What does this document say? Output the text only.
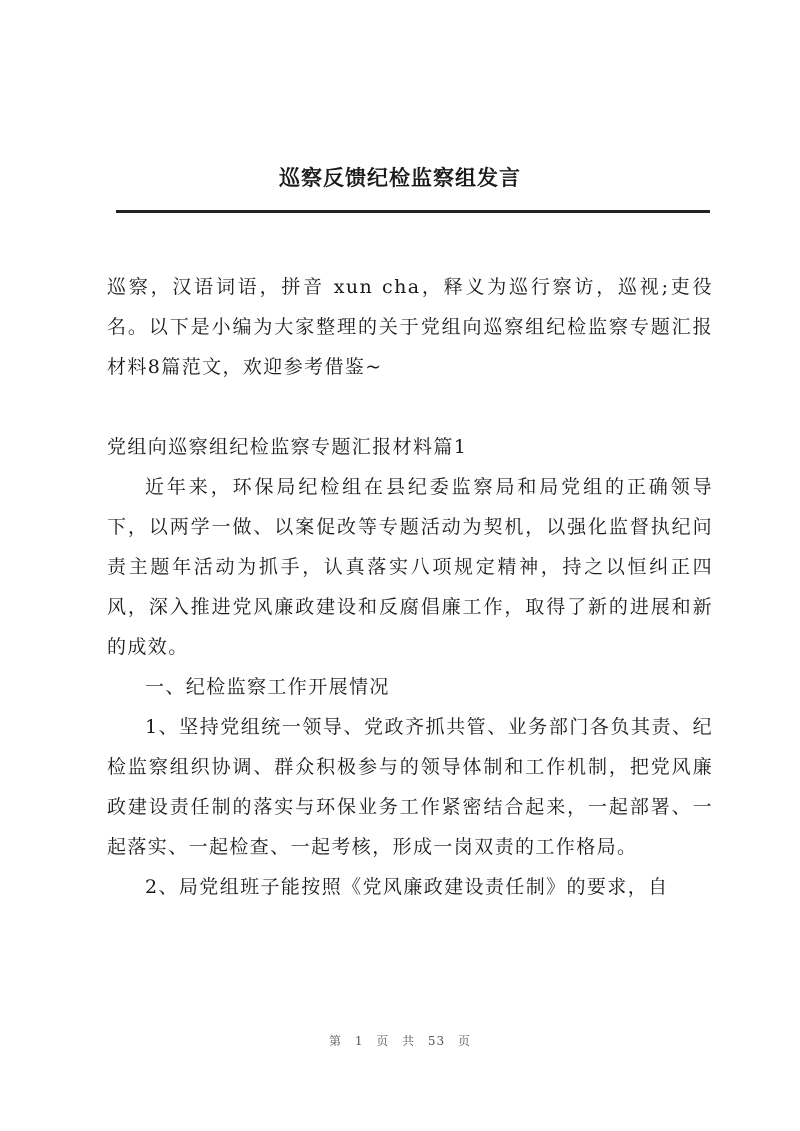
巡察反馈纪检监察组发言

巡察，汉语词语，拼音 xun cha，释义为巡行察访，巡视;吏役名。以下是小编为大家整理的关于党组向巡察组纪检监察专题汇报材料8篇范文，欢迎参考借鉴~

党组向巡察组纪检监察专题汇报材料篇1

近年来，环保局纪检组在县纪委监察局和局党组的正确领导下，以两学一做、以案促改等专题活动为契机，以强化监督执纪问责主题年活动为抓手，认真落实八项规定精神，持之以恒纠正四风，深入推进党风廉政建设和反腐倡廉工作，取得了新的进展和新的成效。

一、纪检监察工作开展情况

1、坚持党组统一领导、党政齐抓共管、业务部门各负其责、纪检监察组织协调、群众积极参与的领导体制和工作机制，把党风廉政建设责任制的落实与环保业务工作紧密结合起来，一起部署、一起落实、一起检查、一起考核，形成一岗双责的工作格局。

2、局党组班子能按照《党风廉政建设责任制》的要求，自

第 1 页 共 53 页
